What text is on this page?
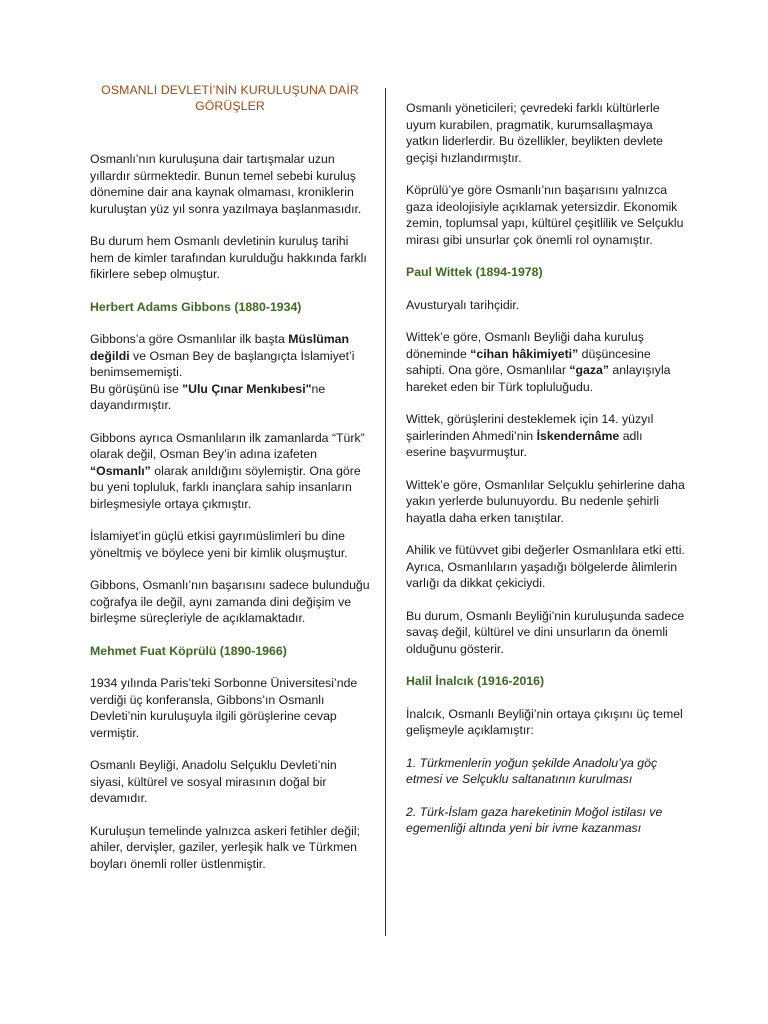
OSMANLI DEVLETİ’NİN KURULUŞUNA DAİR
GÖRÜŞLER

Osmanlı’nın kuruluşuna dair tartışmalar uzun yıllardır sürmektedir. Bunun temel sebebi kuruluş dönemine dair ana kaynak olmaması, kroniklerin kuruluştan yüz yıl sonra yazılmaya başlanmasıdır.

Bu durum hem Osmanlı devletinin kuruluş tarihi hem de kimler tarafından kurulduğu hakkında farklı fikirlere sebep olmuştur.

Herbert Adams Gibbons (1880-1934)

Gibbons’a göre Osmanlılar ilk başta Müslüman değildi ve Osman Bey de başlangıçta İslamiyet’i benimsememişti.
Bu görüşünü ise "Ulu Çınar Menkıbesi"ne dayandırmıştır.

Gibbons ayrıca Osmanlıların ilk zamanlarda “Türk” olarak değil, Osman Bey’in adına izafeten “Osmanlı” olarak anıldığını söylemiştir. Ona göre bu yeni topluluk, farklı inançlara sahip insanların birleşmesiyle ortaya çıkmıştır.

İslamiyet’in güçlü etkisi gayrımüslimleri bu dine yöneltmiş ve böylece yeni bir kimlik oluşmuştur.

Gibbons, Osmanlı’nın başarısını sadece bulunduğu coğrafya ile değil, aynı zamanda dini değişim ve birleşme süreçleriyle de açıklamaktadır.

Mehmet Fuat Köprülü (1890-1966)

1934 yılında Paris’teki Sorbonne Üniversitesi’nde verdiği üç konferansla, Gibbons’ın Osmanlı Devleti’nin kuruluşuyla ilgili görüşlerine cevap vermiştir.

Osmanlı Beyliği, Anadolu Selçuklu Devleti’nin siyasi, kültürel ve sosyal mirasının doğal bir devamıdır.

Kuruluşun temelinde yalnızca askeri fetihler değil; ahiler, dervişler, gaziler, yerleşik halk ve Türkmen boyları önemli roller üstlenmiştir.

Osmanlı yöneticileri; çevredeki farklı kültürlerle uyum kurabilen, pragmatik, kurumsallaşmaya yatkın liderlerdir. Bu özellikler, beylikten devlete geçişi hızlandırmıştır.

Köprülü’ye göre Osmanlı’nın başarısını yalnızca gaza ideolojisiyle açıklamak yetersizdir. Ekonomik zemin, toplumsal yapı, kültürel çeşitlilik ve Selçuklu mirası gibi unsurlar çok önemli rol oynamıştır.

Paul Wittek (1894-1978)

Avusturyalı tarihçidir.

Wittek’e göre, Osmanlı Beyliği daha kuruluş döneminde “cihan hâkimiyeti” düşüncesine sahipti. Ona göre, Osmanlılar “gaza” anlayışıyla hareket eden bir Türk topluluğudu.

Wittek, görüşlerini desteklemek için 14. yüzyıl şairlerinden Ahmedi’nin İskendernâme adlı eserine başvurmuştur.

Wittek’e göre, Osmanlılar Selçuklu şehirlerine daha yakın yerlerde bulunuyordu. Bu nedenle şehirli hayatla daha erken tanıştılar.

Ahilik ve fütüvvet gibi değerler Osmanlılara etki etti. Ayrıca, Osmanlıların yaşadığı bölgelerde âlimlerin varlığı da dikkat çekiciydi.

Bu durum, Osmanlı Beyliği’nin kuruluşunda sadece savaş değil, kültürel ve dini unsurların da önemli olduğunu gösterir.

Halil İnalcık (1916-2016)

İnalcık, Osmanlı Beyliği’nin ortaya çıkışını üç temel gelişmeyle açıklamıştır:

1. Türkmenlerin yoğun şekilde Anadolu’ya göç etmesi ve Selçuklu saltanatının kurulması

2. Türk-İslam gaza hareketinin Moğol istilası ve egemenliği altında yeni bir ivme kazanması
